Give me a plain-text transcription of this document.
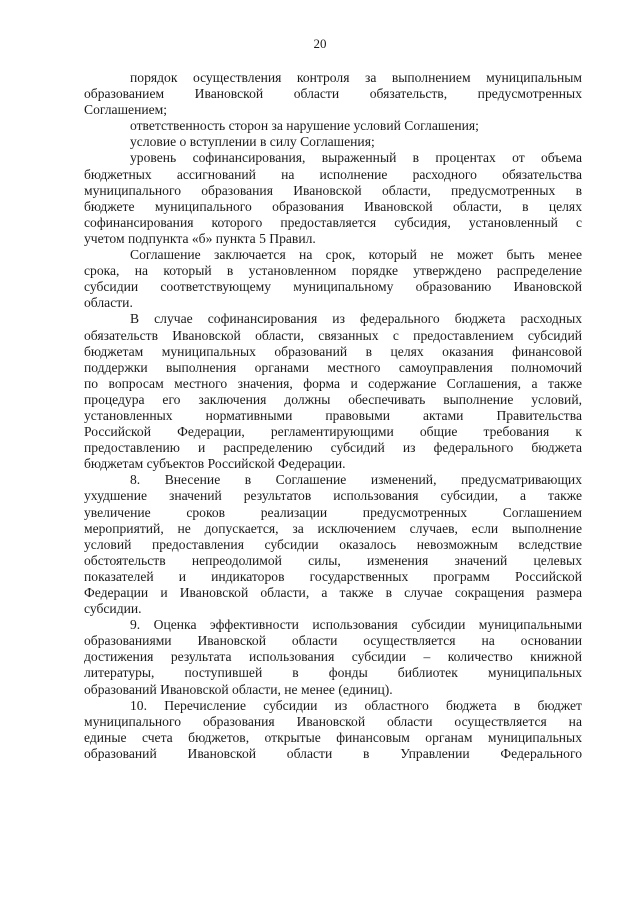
20
порядок осуществления контроля за выполнением муниципальным
образованием Ивановской области обязательств, предусмотренных
Соглашением;
ответственность сторон за нарушение условий Соглашения;
условие о вступлении в силу Соглашения;
уровень софинансирования, выраженный в процентах от объема
бюджетных ассигнований на исполнение расходного обязательства
муниципального образования Ивановской области, предусмотренных в
бюджете муниципального образования Ивановской области, в целях
софинансирования которого предоставляется субсидия, установленный с
учетом подпункта «б» пункта 5 Правил.
Соглашение заключается на срок, который не может быть менее
срока, на который в установленном порядке утверждено распределение
субсидии соответствующему муниципальному образованию Ивановской
области.
В случае софинансирования из федерального бюджета расходных
обязательств Ивановской области, связанных с предоставлением субсидий
бюджетам муниципальных образований в целях оказания финансовой
поддержки выполнения органами местного самоуправления полномочий
по вопросам местного значения, форма и содержание Соглашения, а также
процедура его заключения должны обеспечивать выполнение условий,
установленных нормативными правовыми актами Правительства
Российской Федерации, регламентирующими общие требования к
предоставлению и распределению субсидий из федерального бюджета
бюджетам субъектов Российской Федерации.
8. Внесение в Соглашение изменений, предусматривающих
ухудшение значений результатов использования субсидии, а также
увеличение сроков реализации предусмотренных Соглашением
мероприятий, не допускается, за исключением случаев, если выполнение
условий предоставления субсидии оказалось невозможным вследствие
обстоятельств непреодолимой силы, изменения значений целевых
показателей и индикаторов государственных программ Российской
Федерации и Ивановской области, а также в случае сокращения размера
субсидии.
9. Оценка эффективности использования субсидии муниципальными
образованиями Ивановской области осуществляется на основании
достижения результата использования субсидии – количество книжной
литературы, поступившей в фонды библиотек муниципальных
образований Ивановской области, не менее (единиц).
10. Перечисление субсидии из областного бюджета в бюджет
муниципального образования Ивановской области осуществляется на
единые счета бюджетов, открытые финансовым органам муниципальных
образований Ивановской области в Управлении Федерального
